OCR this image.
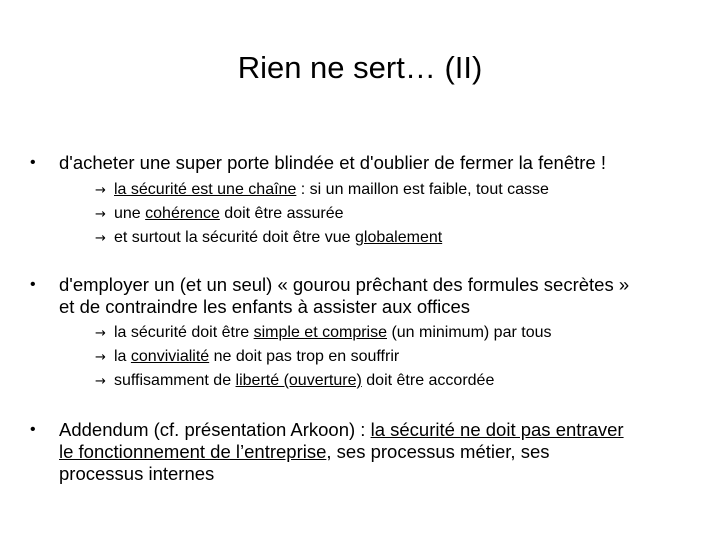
Rien ne sert… (II)
•	d'acheter une super porte blindée et d'oublier de fermer la fenêtre !
→ la sécurité est une chaîne : si un maillon est faible, tout casse
→ une cohérence doit être assurée
→ et surtout la sécurité doit être vue globalement
•	d'employer un (et un seul) « gourou prêchant des formules secrètes »
et de contraindre les enfants à assister aux offices
→ la sécurité doit être simple et comprise (un minimum) par tous
→ la convivialité ne doit pas trop en souffrir
→ suffisamment de liberté (ouverture) doit être accordée
•	Addendum (cf. présentation Arkoon) : la sécurité ne doit pas entraver
le fonctionnement de l’entreprise, ses processus métier, ses
processus internes
